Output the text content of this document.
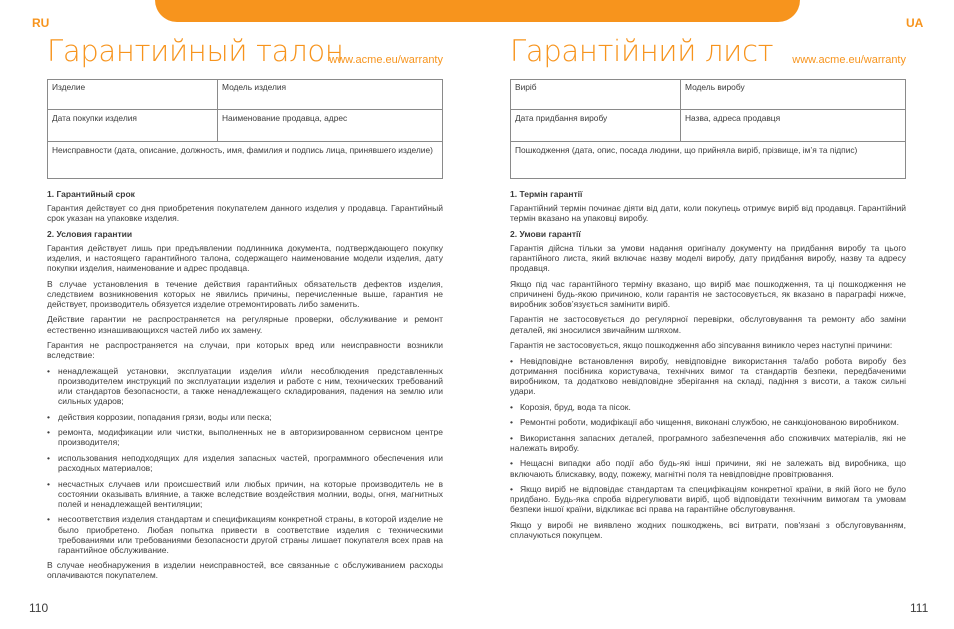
RU	UA
Гарантийный талон
www.acme.eu/warranty
Изделие	Модель изделия
Дата покупки изделия	Наименование продавца, адрес
Неисправности (дата, описание, должность, имя, фамилия и подпись лица, принявшего изделие)	
1. Гарантийный срок

Гарантия действует со дня приобретения покупателем данного изделия у продавца. Гарантийный срок указан на упаковке изделия.

2. Условия гарантии

Гарантия действует лишь при предъявлении подлинника документа, подтверждающего покупку изделия, и настоящего гарантийного талона, содержащего наименование модели изделия, дату покупки изделия, наименование и адрес продавца.

В случае установления в течение действия гарантийных обязательств дефектов изделия, следствием возникновения которых не явились причины, перечисленные выше, гарантия не действует, производитель обязуется изделие отремонтировать либо заменить.

Действие гарантии не распространяется на регулярные проверки, обслуживание и ремонт естественно изнашивающихся частей либо их замену.

Гарантия не распространяется на случаи, при которых вред или неисправности возникли вследствие:

• ненадлежащей установки, эксплуатации изделия и/или несоблюдения представленных производителем инструкций по эксплуатации изделия и работе с ним, технических требований или стандартов безопасности, а также ненадлежащего складирования, падения на землю или сильных ударов;
• действия коррозии, попадания грязи, воды или песка;
• ремонта, модификации или чистки, выполненных не в авторизированном сервисном центре производителя;
• использования неподходящих для изделия запасных частей, программного обеспечения или расходных материалов;
• несчастных случаев или происшествий или любых причин, на которые производитель не в состоянии оказывать влияние, а также вследствие воздействия молнии, воды, огня, магнитных полей и ненадлежащей вентиляции;
• несоответствия изделия стандартам и спецификациям конкретной страны, в которой изделие не было приобретено. Любая попытка привести в соответствие изделия с техническими требованиями или требованиями безопасности другой страны лишает покупателя всех прав на гарантийное обслуживание.

В случае необнаружения в изделии неисправностей, все связанные с обслуживанием расходы оплачиваются покупателем.

Гарантійний лист www.acme.eu/warranty
Виріб	Модель виробу
Дата придбання виробу	Назва, адреса продавця
Пошкодження (дата, опис, посада людини, що прийняла виріб, прізвище, ім’я та підпис)	
1. Термін гарантії

Гарантійний термін починає діяти від дати, коли покупець отримує виріб від продавця. Гарантійний термін вказано на упаковці виробу.

2. Умови гарантії

Гарантія дійсна тільки за умови надання оригіналу документу на придбання виробу та цього гарантійного листа, який включає назву моделі виробу, дату придбання виробу, назву та адресу продавця.

Якщо під час гарантійного терміну вказано, що виріб має пошкодження, та ці пошкодження не спричинені будь-якою причиною, коли гарантія не застосовується, як вказано в параграфі нижче, виробник зобов’язується замінити виріб.

Гарантія не застосовується до регулярної перевірки, обслуговування та ремонту або заміни деталей, які зносилися звичайним шляхом.

Гарантія не застосовується, якщо пошкодження або зіпсування виникло через наступні причини:

• Невідповідне встановлення виробу, невідповідне використання та/або робота виробу без дотримання посібника користувача, технічних вимог та стандартів безпеки, передбаченими виробником, та додатково невідповідне зберігання на складі, падіння з висоти, а також сильні удари.
• Корозія, бруд, вода та пісок.
• Ремонтні роботи, модифікації або чищення, виконані службою, не санкціонованою виробником.
• Використання запасних деталей, програмного забезпечення або споживчих матеріалів, які не належать виробу.
• Нещасні випадки або події або будь-які інші причини, які не залежать від виробника, що включають блискавку, воду, пожежу, магнітні поля та невідповідне провітрювання.
• Якщо виріб не відповідає стандартам та специфікаціям конкретної країни, в якій його не було придбано. Будь-яка спроба відрегулювати виріб, щоб відповідати технічним вимогам та умовам безпеки іншої країни, відкликає всі права на гарантійне обслуговування.

Якщо у виробі не виявлено жодних пошкоджень, всі витрати, пов'язані з обслуговуванням, сплачуються покупцем.

110	111
